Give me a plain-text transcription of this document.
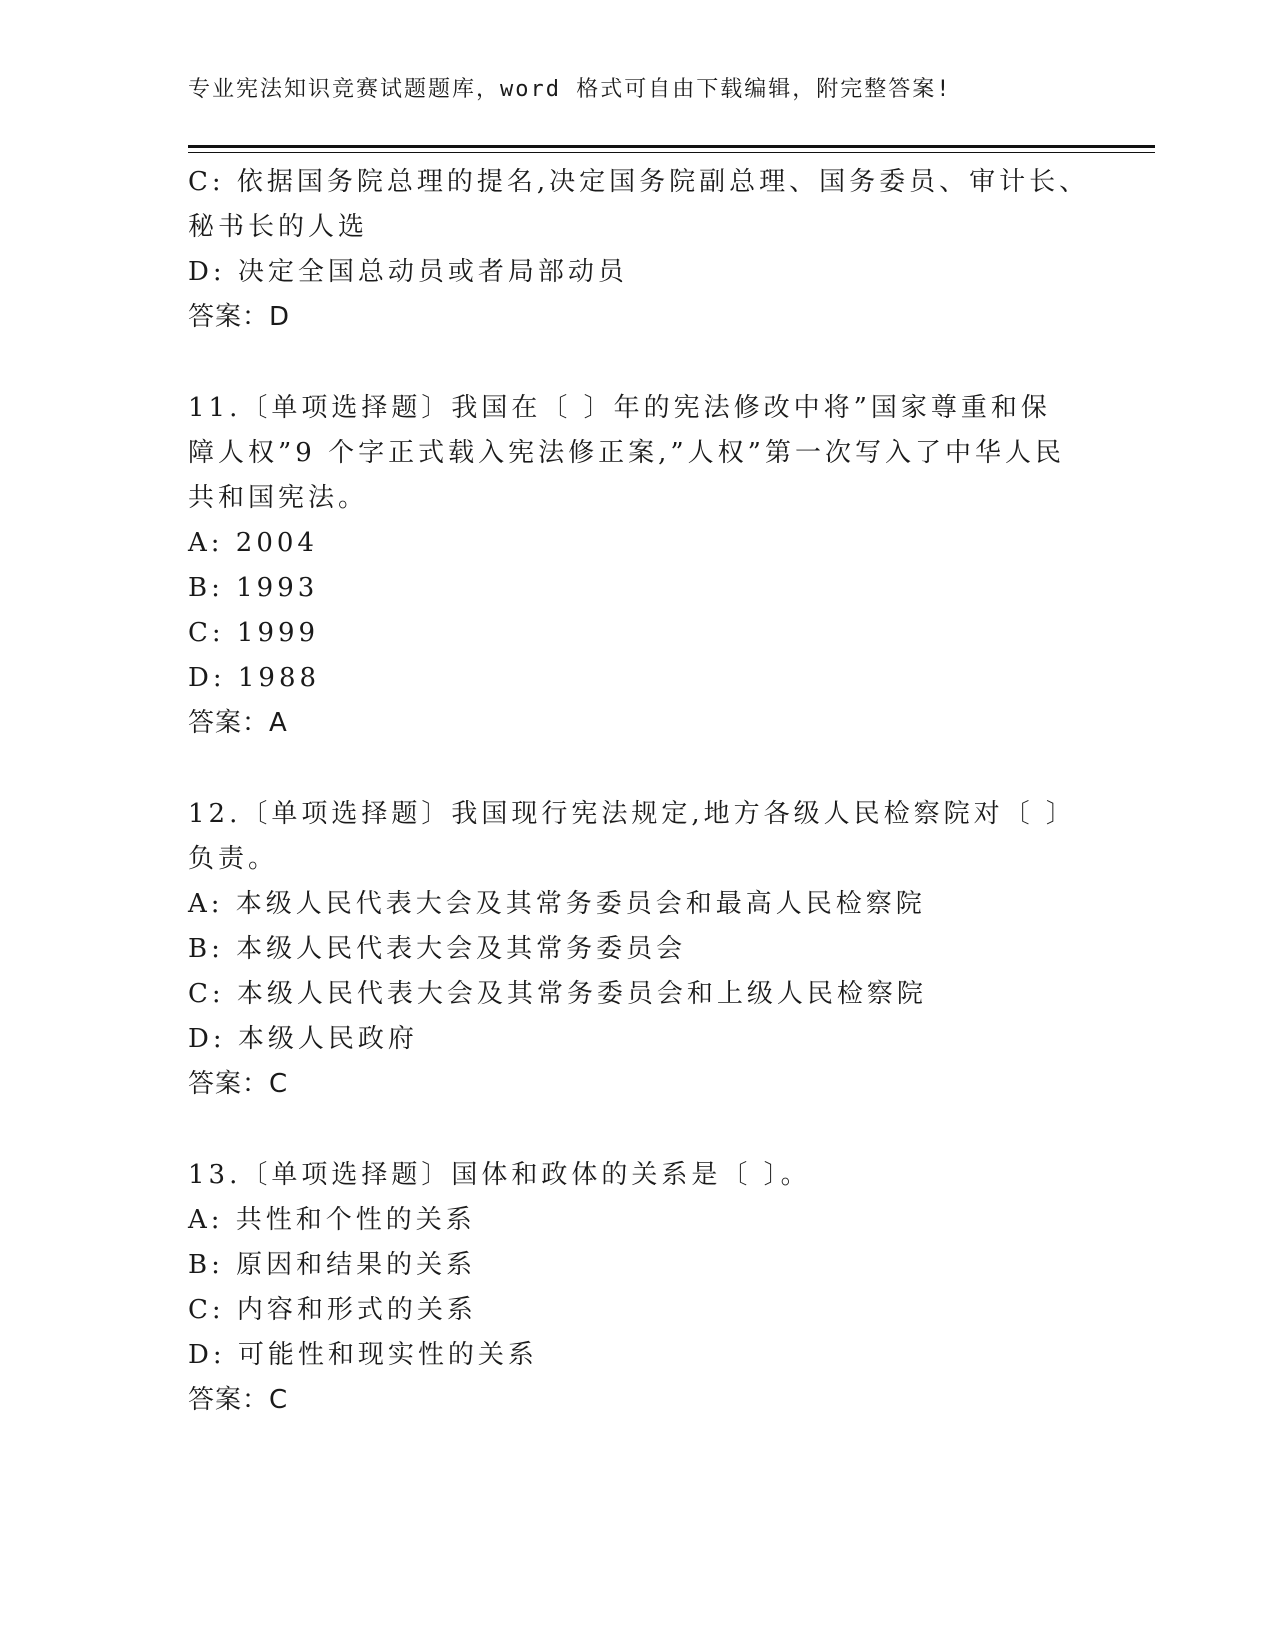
专业宪法知识竞赛试题题库，word 格式可自由下载编辑，附完整答案!
C: 依据国务院总理的提名,决定国务院副总理、国务委员、审计长、
秘书长的人选
D: 决定全国总动员或者局部动员
答案：D
11.〔单项选择题〕我国在〔 〕年的宪法修改中将”国家尊重和保
障人权”9 个字正式载入宪法修正案,”人权”第一次写入了中华人民
共和国宪法。
A: 2004
B: 1993
C: 1999
D: 1988
答案：A
12.〔单项选择题〕我国现行宪法规定,地方各级人民检察院对〔 〕
负责。
A: 本级人民代表大会及其常务委员会和最高人民检察院
B: 本级人民代表大会及其常务委员会
C: 本级人民代表大会及其常务委员会和上级人民检察院
D: 本级人民政府
答案：C
13.〔单项选择题〕国体和政体的关系是〔 〕。
A: 共性和个性的关系
B: 原因和结果的关系
C: 内容和形式的关系
D: 可能性和现实性的关系
答案：C
